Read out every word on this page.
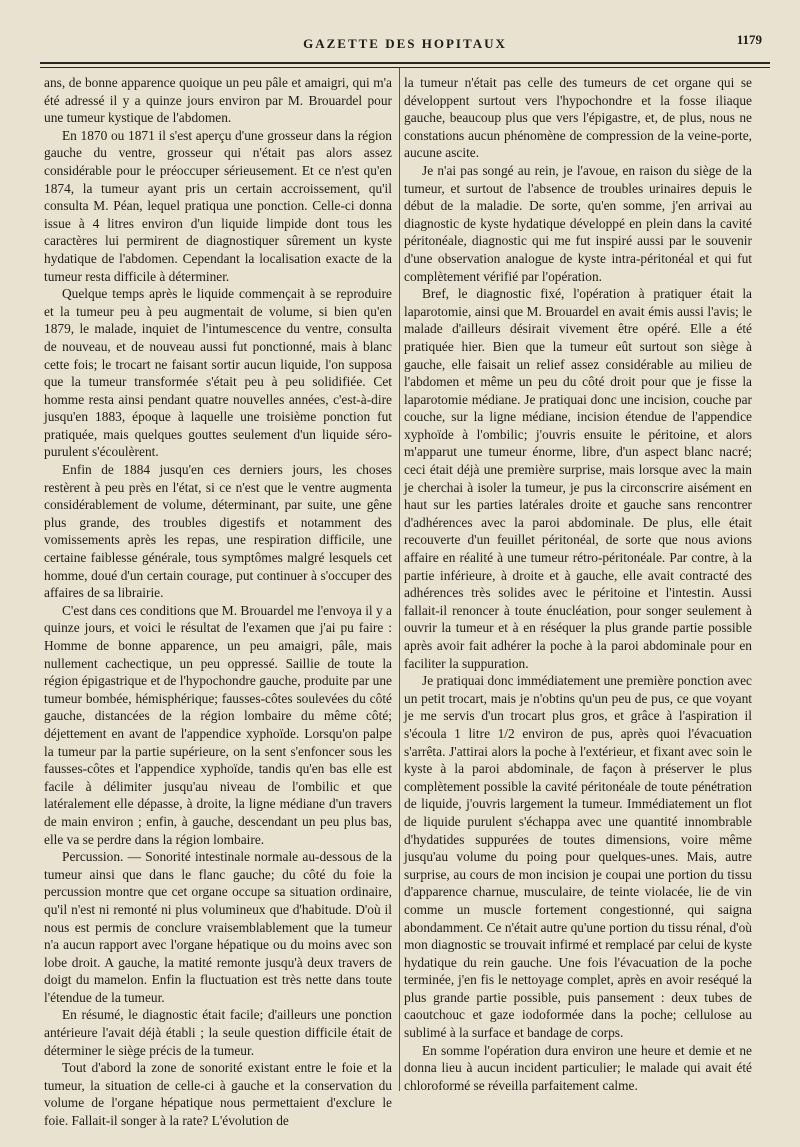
GAZETTE DES HOPITAUX	1179

ans, de bonne apparence quoique un peu pâle et amaigri, qui m'a été adressé il y a quinze jours environ par M. Brouardel pour une tumeur kystique de l'abdomen.

En 1870 ou 1871 il s'est aperçu d'une grosseur dans la région gauche du ventre, grosseur qui n'était pas alors assez considérable pour le préoccuper sérieusement. Et ce n'est qu'en 1874, la tumeur ayant pris un certain accroissement, qu'il consulta M. Péan, lequel pratiqua une ponction. Celle-ci donna issue à 4 litres environ d'un liquide limpide dont tous les caractères lui permirent de diagnostiquer sûrement un kyste hydatique de l'abdomen. Cependant la localisation exacte de la tumeur resta difficile à déterminer.

Quelque temps après le liquide commençait à se reproduire et la tumeur peu à peu augmentait de volume, si bien qu'en 1879, le malade, inquiet de l'intumescence du ventre, consulta de nouveau, et de nouveau aussi fut ponctionné, mais à blanc cette fois; le trocart ne faisant sortir aucun liquide, l'on supposa que la tumeur transformée s'était peu à peu solidifiée. Cet homme resta ainsi pendant quatre nouvelles années, c'est-à-dire jusqu'en 1883, époque à laquelle une troisième ponction fut pratiquée, mais quelques gouttes seulement d'un liquide séro-purulent s'écoulèrent.

Enfin de 1884 jusqu'en ces derniers jours, les choses restèrent à peu près en l'état, si ce n'est que le ventre augmenta considérablement de volume, déterminant, par suite, une gêne plus grande, des troubles digestifs et notamment des vomissements après les repas, une respiration difficile, une certaine faiblesse générale, tous symptômes malgré lesquels cet homme, doué d'un certain courage, put continuer à s'occuper des affaires de sa librairie.

C'est dans ces conditions que M. Brouardel me l'envoya il y a quinze jours, et voici le résultat de l'examen que j'ai pu faire : Homme de bonne apparence, un peu amaigri, pâle, mais nullement cachectique, un peu oppressé. Saillie de toute la région épigastrique et de l'hypochondre gauche, produite par une tumeur bombée, hémisphérique; fausses-côtes soulevées du côté gauche, distancées de la région lombaire du même côté; déjettement en avant de l'appendice xyphoïde. Lorsqu'on palpe la tumeur par la partie supérieure, on la sent s'enfoncer sous les fausses-côtes et l'appendice xyphoïde, tandis qu'en bas elle est facile à délimiter jusqu'au niveau de l'ombilic et que latéralement elle dépasse, à droite, la ligne médiane d'un travers de main environ ; enfin, à gauche, descendant un peu plus bas, elle va se perdre dans la région lombaire.

Percussion. — Sonorité intestinale normale au-dessous de la tumeur ainsi que dans le flanc gauche; du côté du foie la percussion montre que cet organe occupe sa situation ordinaire, qu'il n'est ni remonté ni plus volumineux que d'habitude. D'où il nous est permis de conclure vraisemblablement que la tumeur n'a aucun rapport avec l'organe hépatique ou du moins avec son lobe droit. A gauche, la matité remonte jusqu'à deux travers de doigt du mamelon. Enfin la fluctuation est très nette dans toute l'étendue de la tumeur.

En résumé, le diagnostic était facile; d'ailleurs une ponction antérieure l'avait déjà établi ; la seule question difficile était de déterminer le siège précis de la tumeur.

Tout d'abord la zone de sonorité existant entre le foie et la tumeur, la situation de celle-ci à gauche et la conservation du volume de l'organe hépatique nous permettaient d'exclure le foie. Fallait-il songer à la rate? L'évolution de

la tumeur n'était pas celle des tumeurs de cet organe qui se développent surtout vers l'hypochondre et la fosse iliaque gauche, beaucoup plus que vers l'épigastre, et, de plus, nous ne constations aucun phénomène de compression de la veine-porte, aucune ascite.

Je n'ai pas songé au rein, je l'avoue, en raison du siège de la tumeur, et surtout de l'absence de troubles urinaires depuis le début de la maladie. De sorte, qu'en somme, j'en arrivai au diagnostic de kyste hydatique développé en plein dans la cavité péritonéale, diagnostic qui me fut inspiré aussi par le souvenir d'une observation analogue de kyste intra-péritonéal et qui fut complètement vérifié par l'opération.

Bref, le diagnostic fixé, l'opération à pratiquer était la laparotomie, ainsi que M. Brouardel en avait émis aussi l'avis; le malade d'ailleurs désirait vivement être opéré. Elle a été pratiquée hier. Bien que la tumeur eût surtout son siège à gauche, elle faisait un relief assez considérable au milieu de l'abdomen et même un peu du côté droit pour que je fisse la laparotomie médiane. Je pratiquai donc une incision, couche par couche, sur la ligne médiane, incision étendue de l'appendice xyphoïde à l'ombilic; j'ouvris ensuite le péritoine, et alors m'apparut une tumeur énorme, libre, d'un aspect blanc nacré; ceci était déjà une première surprise, mais lorsque avec la main je cherchai à isoler la tumeur, je pus la circonscrire aisément en haut sur les parties latérales droite et gauche sans rencontrer d'adhérences avec la paroi abdominale. De plus, elle était recouverte d'un feuillet péritonéal, de sorte que nous avions affaire en réalité à une tumeur rétro-péritonéale. Par contre, à la partie inférieure, à droite et à gauche, elle avait contracté des adhérences très solides avec le péritoine et l'intestin. Aussi fallait-il renoncer à toute énucléation, pour songer seulement à ouvrir la tumeur et à en réséquer la plus grande partie possible après avoir fait adhérer la poche à la paroi abdominale pour en faciliter la suppuration.

Je pratiquai donc immédiatement une première ponction avec un petit trocart, mais je n'obtins qu'un peu de pus, ce que voyant je me servis d'un trocart plus gros, et grâce à l'aspiration il s'écoula 1 litre 1/2 environ de pus, après quoi l'évacuation s'arrêta. J'attirai alors la poche à l'extérieur, et fixant avec soin le kyste à la paroi abdominale, de façon à préserver le plus complètement possible la cavité péritonéale de toute pénétration de liquide, j'ouvris largement la tumeur. Immédiatement un flot de liquide purulent s'échappa avec une quantité innombrable d'hydatides suppurées de toutes dimensions, voire même jusqu'au volume du poing pour quelques-unes. Mais, autre surprise, au cours de mon incision je coupai une portion du tissu d'apparence charnue, musculaire, de teinte violacée, lie de vin comme un muscle fortement congestionné, qui saigna abondamment. Ce n'était autre qu'une portion du tissu rénal, d'où mon diagnostic se trouvait infirmé et remplacé par celui de kyste hydatique du rein gauche. Une fois l'évacuation de la poche terminée, j'en fis le nettoyage complet, après en avoir reséqué la plus grande partie possible, puis pansement : deux tubes de caoutchouc et gaze iodoformée dans la poche; cellulose au sublimé à la surface et bandage de corps.

En somme l'opération dura environ une heure et demie et ne donna lieu à aucun incident particulier; le malade qui avait été chloroformé se réveilla parfaitement calme.
